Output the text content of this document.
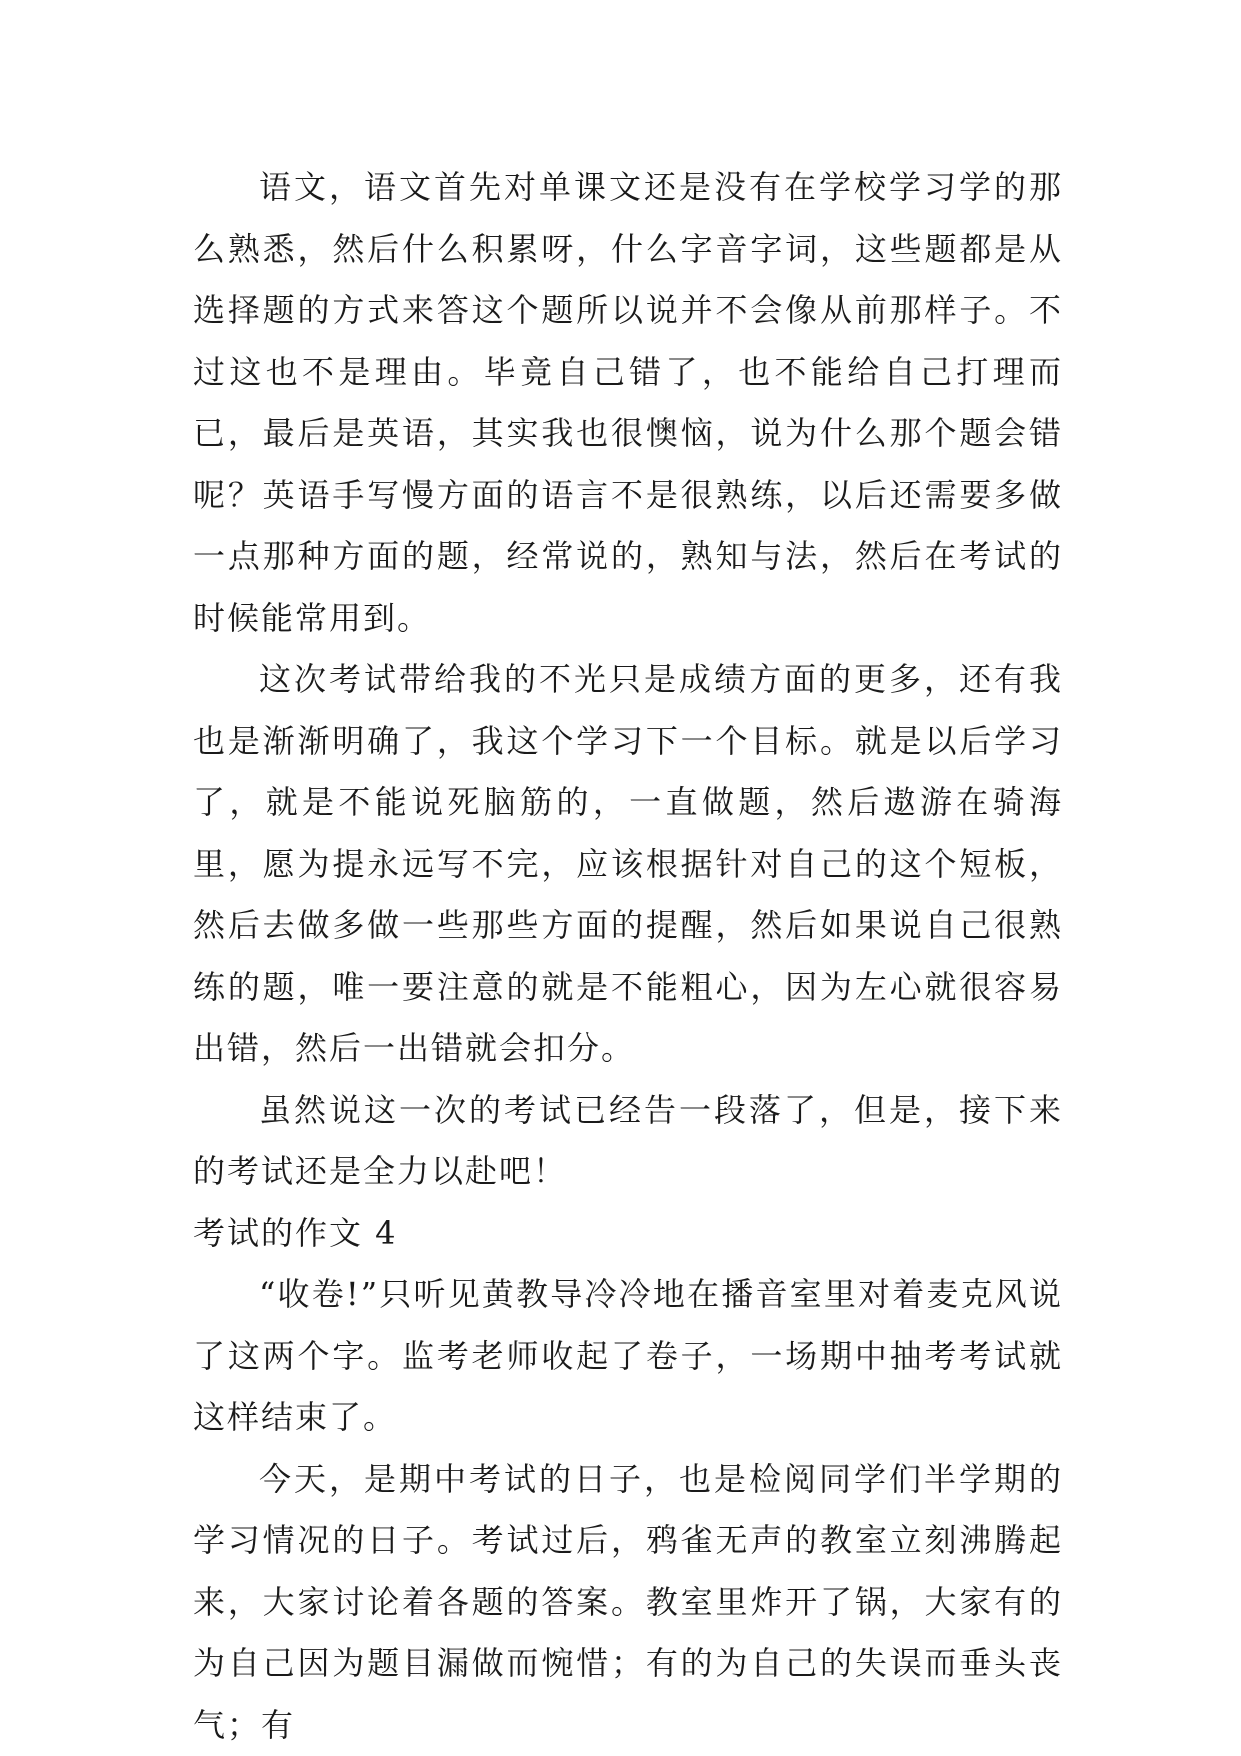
语文，语文首先对单课文还是没有在学校学习学的那么熟悉，然后什么积累呀，什么字音字词，这些题都是从选择题的方式来答这个题所以说并不会像从前那样子。不过这也不是理由。毕竟自己错了，也不能给自己打理而已，最后是英语，其实我也很懊恼，说为什么那个题会错呢？英语手写慢方面的语言不是很熟练，以后还需要多做一点那种方面的题，经常说的，熟知与法，然后在考试的时候能常用到。

这次考试带给我的不光只是成绩方面的更多，还有我也是渐渐明确了，我这个学习下一个目标。就是以后学习了，就是不能说死脑筋的，一直做题，然后遨游在骑海里，愿为提永远写不完，应该根据针对自己的这个短板，然后去做多做一些那些方面的提醒，然后如果说自己很熟练的题，唯一要注意的就是不能粗心，因为左心就很容易出错，然后一出错就会扣分。

虽然说这一次的考试已经告一段落了，但是，接下来的考试还是全力以赴吧！

考试的作文 4

“收卷!”只听见黄教导冷冷地在播音室里对着麦克风说了这两个字。监考老师收起了卷子，一场期中抽考考试就这样结束了。

今天，是期中考试的日子，也是检阅同学们半学期的学习情况的日子。考试过后，鸦雀无声的教室立刻沸腾起来，大家讨论着各题的答案。教室里炸开了锅，大家有的为自己因为题目漏做而惋惜；有的为自己的失误而垂头丧气；有
